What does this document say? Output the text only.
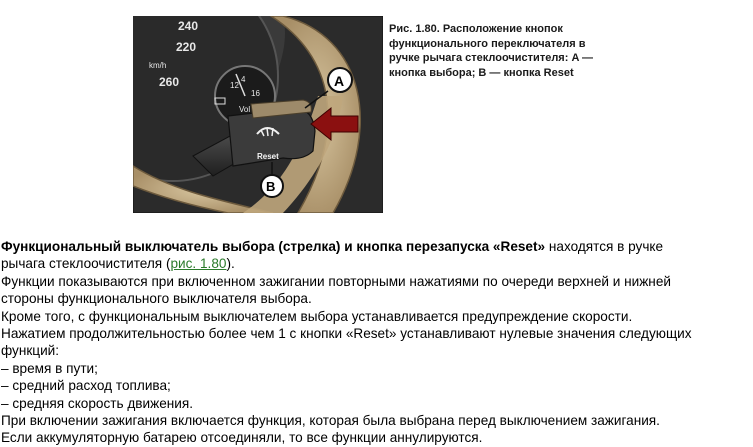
240
220
km/h
260
16
12
4
Vol
Reset
A
B
Рис. 1.80. Расположение кнопок
функционального переключателя в
ручке рычага стеклоочистителя: A —
кнопка выбора; B — кнопка Reset

Функциональный выключатель выбора (стрелка) и кнопка перезапуска «Reset» находятся в ручке

рычага стеклоочистителя (рис. 1.80).

Функции показываются при включенном зажигании повторными нажатиями по очереди верхней и нижней

стороны функционального выключателя выбора.

Кроме того, с функциональным выключателем выбора устанавливается предупреждение скорости.

Нажатием продолжительностью более чем 1 с кнопки «Reset» устанавливают нулевые значения следующих

функций:

– время в пути;

– средний расход топлива;

– средняя скорость движения.

При включении зажигания включается функция, которая была выбрана перед выключением зажигания.

Если аккумуляторную батарею отсоединяли, то все функции аннулируются.
